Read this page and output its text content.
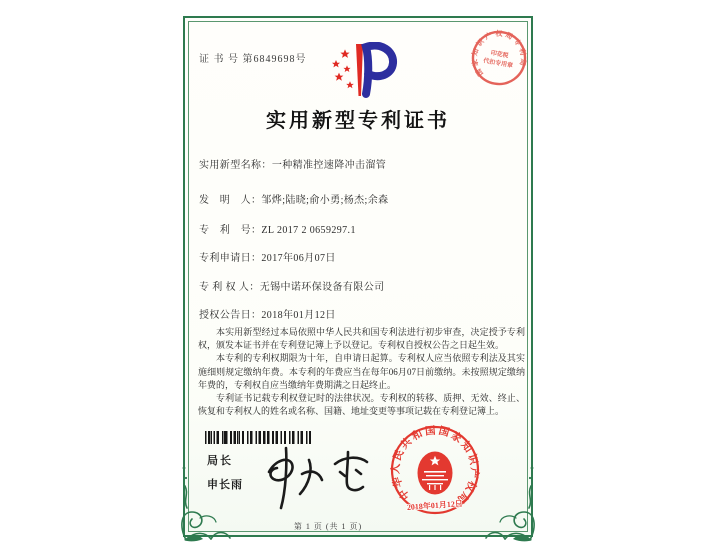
证 书 号 第6849698号
国家知识产权局专利局
印花税
代扣专用章
实用新型专利证书
实用新型名称：一种精准控速降冲击溜管
发　明　人：邹烨;陆晓;俞小勇;杨杰;余森
专　利　号：ZL 2017 2 0659297.1
专利申请日：2017年06月07日
专 利 权 人：无锡中诺环保设备有限公司
授权公告日：2018年01月12日

本实用新型经过本局依照中华人民共和国专利法进行初步审查，决定授予专利权，颁发本证书并在专利登记簿上予以登记。专利权自授权公告之日起生效。

本专利的专利权期限为十年，自申请日起算。专利权人应当依照专利法及其实施细则规定缴纳年费。本专利的年费应当在每年06月07日前缴纳。未按照规定缴纳年费的，专利权自应当缴纳年费期满之日起终止。

专利证书记载专利权登记时的法律状况。专利权的转移、质押、无效、终止、恢复和专利权人的姓名或名称、国籍、地址变更等事项记载在专利登记簿上。

局长
申长雨	中华人民共和国国家知识产权局
2018年01月12日
第 1 页 (共 1 页)
